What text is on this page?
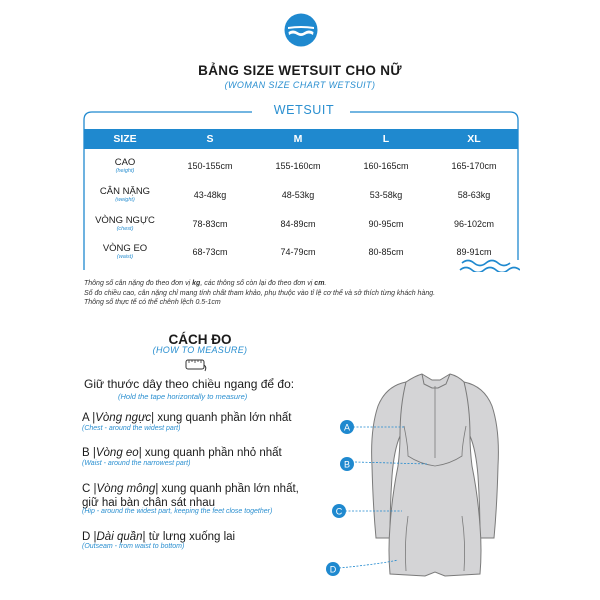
BẢNG SIZE WETSUIT CHO NỮ
(WOMAN SIZE CHART WETSUIT)
WETSUIT
SIZE	S	M	L	XL
CAO
(height)	150-155cm	155-160cm	160-165cm	165-170cm
CÂN NẶNG
(weight)	43-48kg	48-53kg	53-58kg	58-63kg
VÒNG NGỰC
(chest)	78-83cm	84-89cm	90-95cm	96-102cm
VÒNG EO
(waist)	68-73cm	74-79cm	80-85cm	89-91cm
Thông số cân nặng đo theo đơn vị kg, các thông số còn lại đo theo đơn vị cm.
Số đo chiều cao, cân nặng chỉ mang tính chất tham khảo, phụ thuộc vào tỉ lệ cơ thể và sở thích từng khách hàng.
Thông số thực tế có thể chênh lệch 0.5-1cm
CÁCH ĐO
(HOW TO MEASURE)
Giữ thước dây theo chiều ngang để đo:
(Hold the tape horizontally to measure)
A |Vòng ngực| xung quanh phần lớn nhất
(Chest - around the widest part)
B |Vòng eo| xung quanh phần nhỏ nhất
(Waist - around the narrowest part)
C |Vòng mông| xung quanh phần lớn nhất,
giữ hai bàn chân sát nhau
(Hip - around the widest part, keeping the feet close together)
D |Dài quần| từ lưng xuống lai
(Outseam - from waist to bottom)
A
B
C
D
